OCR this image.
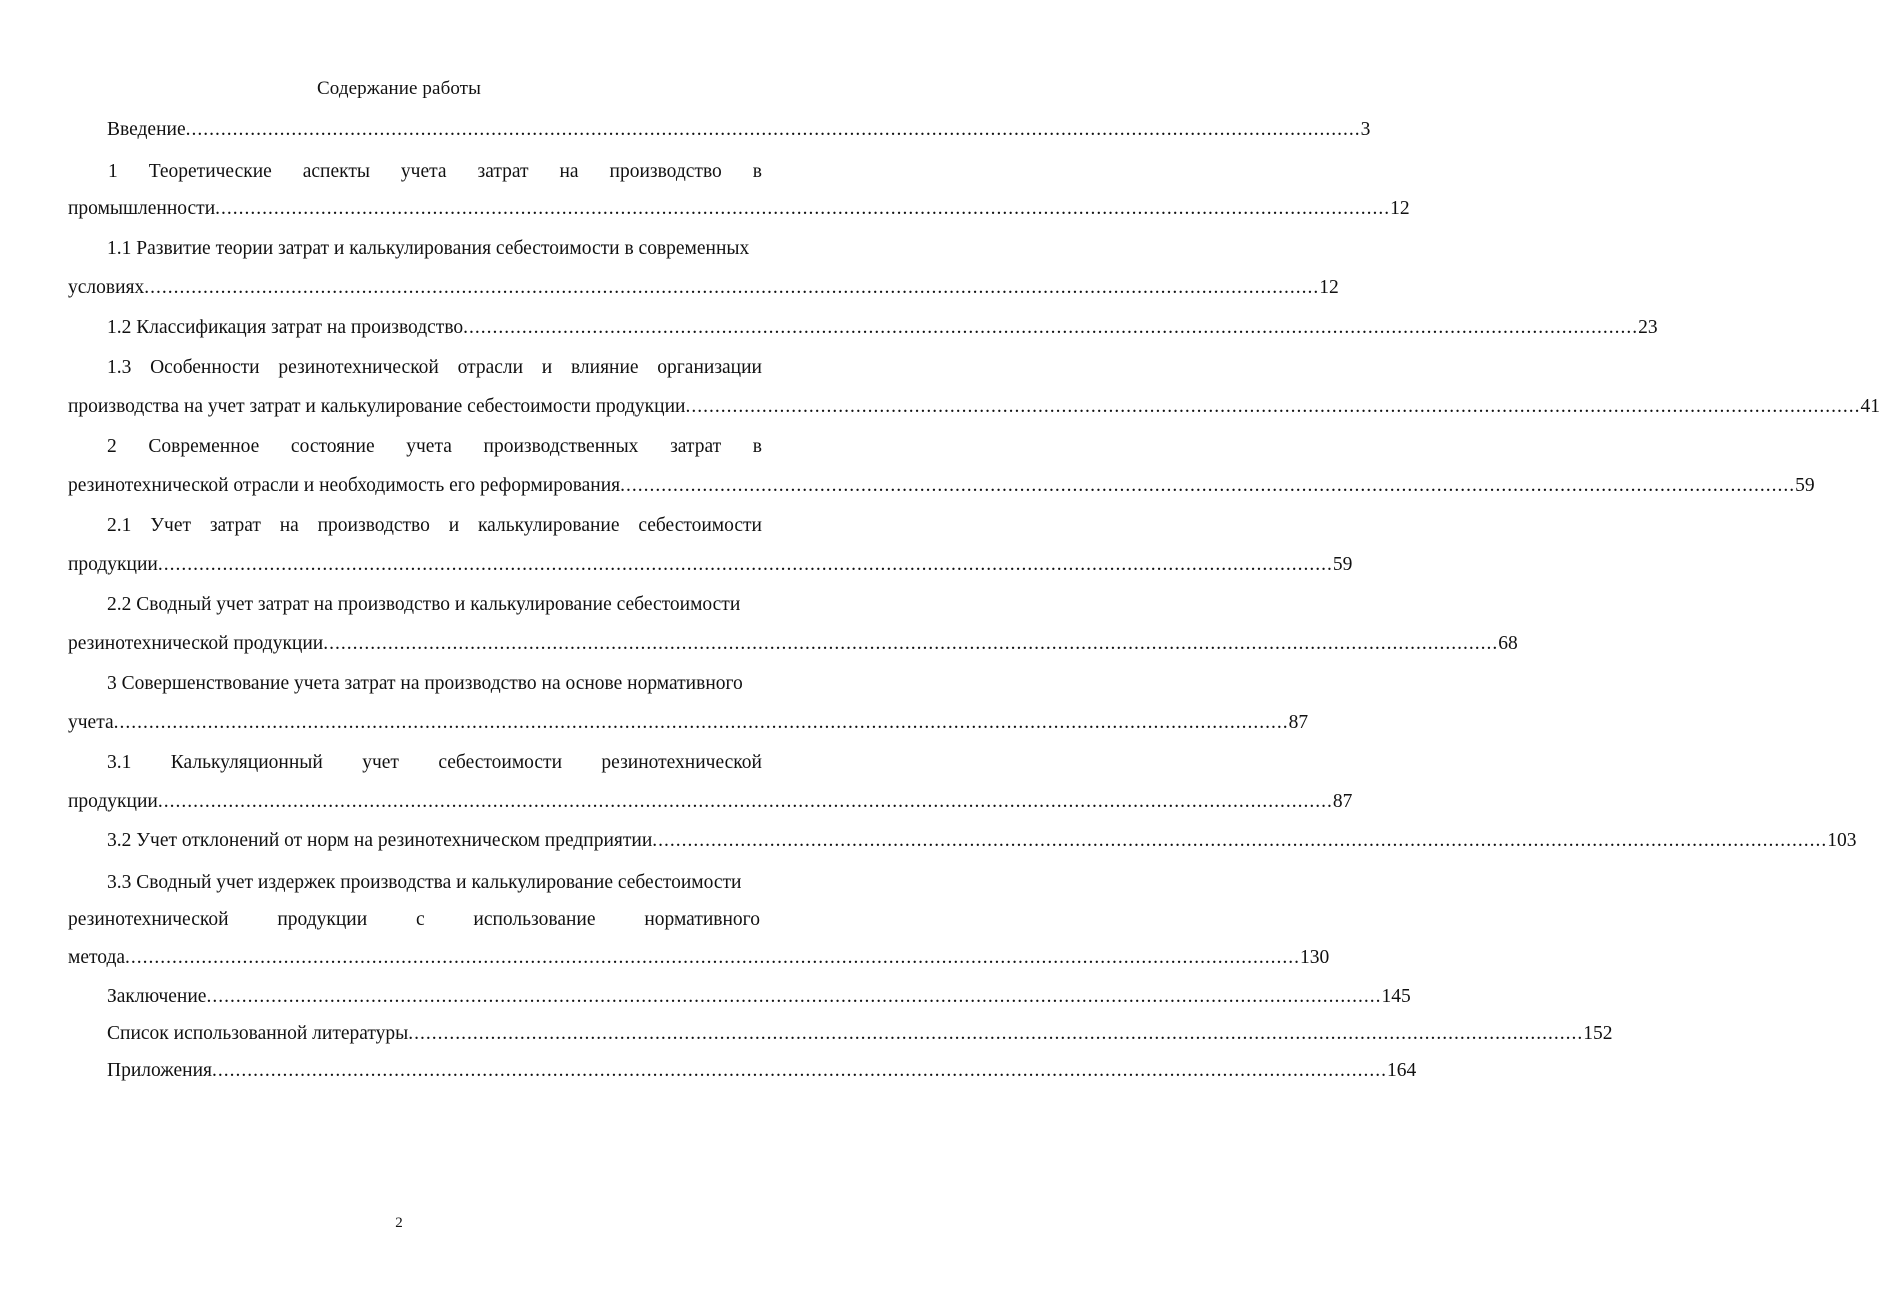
Содержание работы
Введение ........................................................................................................................................................................................................ 3
1 Теоретические аспекты учета затрат на производство в
промышленности ........................................................................................................................................................................................................ 12
1.1 Развитие теории затрат и калькулирования себестоимости в современных
условиях ........................................................................................................................................................................................................ 12
1.2 Классификация затрат на производство ........................................................................................................................................................................................................ 23
1.3 Особенности резинотехнической отрасли и влияние организации
производства на учет затрат и калькулирование себестоимости продукции ........................................................................................................................................................................................................ 41
2 Современное состояние учета производственных затрат в
резинотехнической отрасли и необходимость его реформирования ........................................................................................................................................................................................................ 59
2.1 Учет затрат на производство и калькулирование себестоимости
продукции ........................................................................................................................................................................................................ 59
2.2 Сводный учет затрат на производство и калькулирование себестоимости
резинотехнической продукции ........................................................................................................................................................................................................ 68
3 Совершенствование учета затрат на производство на основе нормативного
учета ........................................................................................................................................................................................................ 87
3.1 Калькуляционный учет себестоимости резинотехнической
продукции ........................................................................................................................................................................................................ 87
3.2 Учет отклонений от норм на резинотехническом предприятии ........................................................................................................................................................................................................ 103
3.3 Сводный учет издержек производства и калькулирование себестоимости
резинотехнической	продукции	с	использование	нормативного
метода ........................................................................................................................................................................................................ 130
Заключение ........................................................................................................................................................................................................ 145
Список использованной литературы ........................................................................................................................................................................................................ 152
Приложения ........................................................................................................................................................................................................ 164
2
